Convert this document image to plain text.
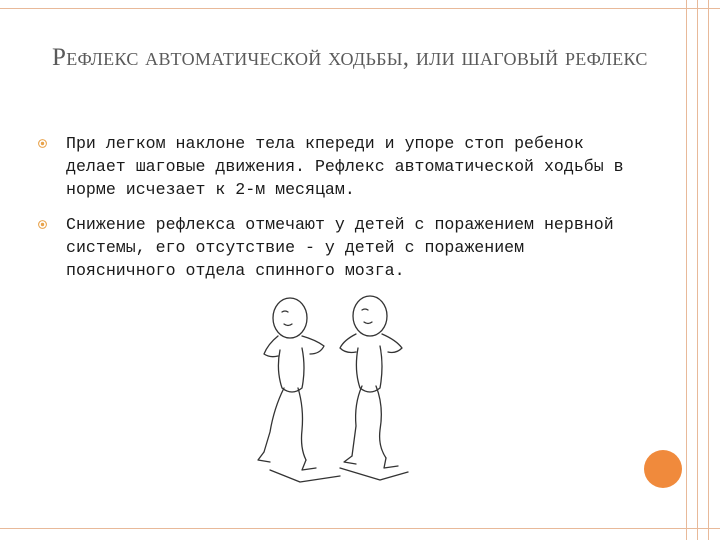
Рефлекс автоматической ходьбы, или шаговый рефлекс
При легком наклоне тела кпереди и упоре стоп ребенок делает шаговые движения. Рефлекс автоматической ходьбы в норме исчезает к 2-м месяцам.
Снижение рефлекса отмечают у детей с поражением нервной системы, его отсутствие - у детей с поражением поясничного отдела спинного мозга.
